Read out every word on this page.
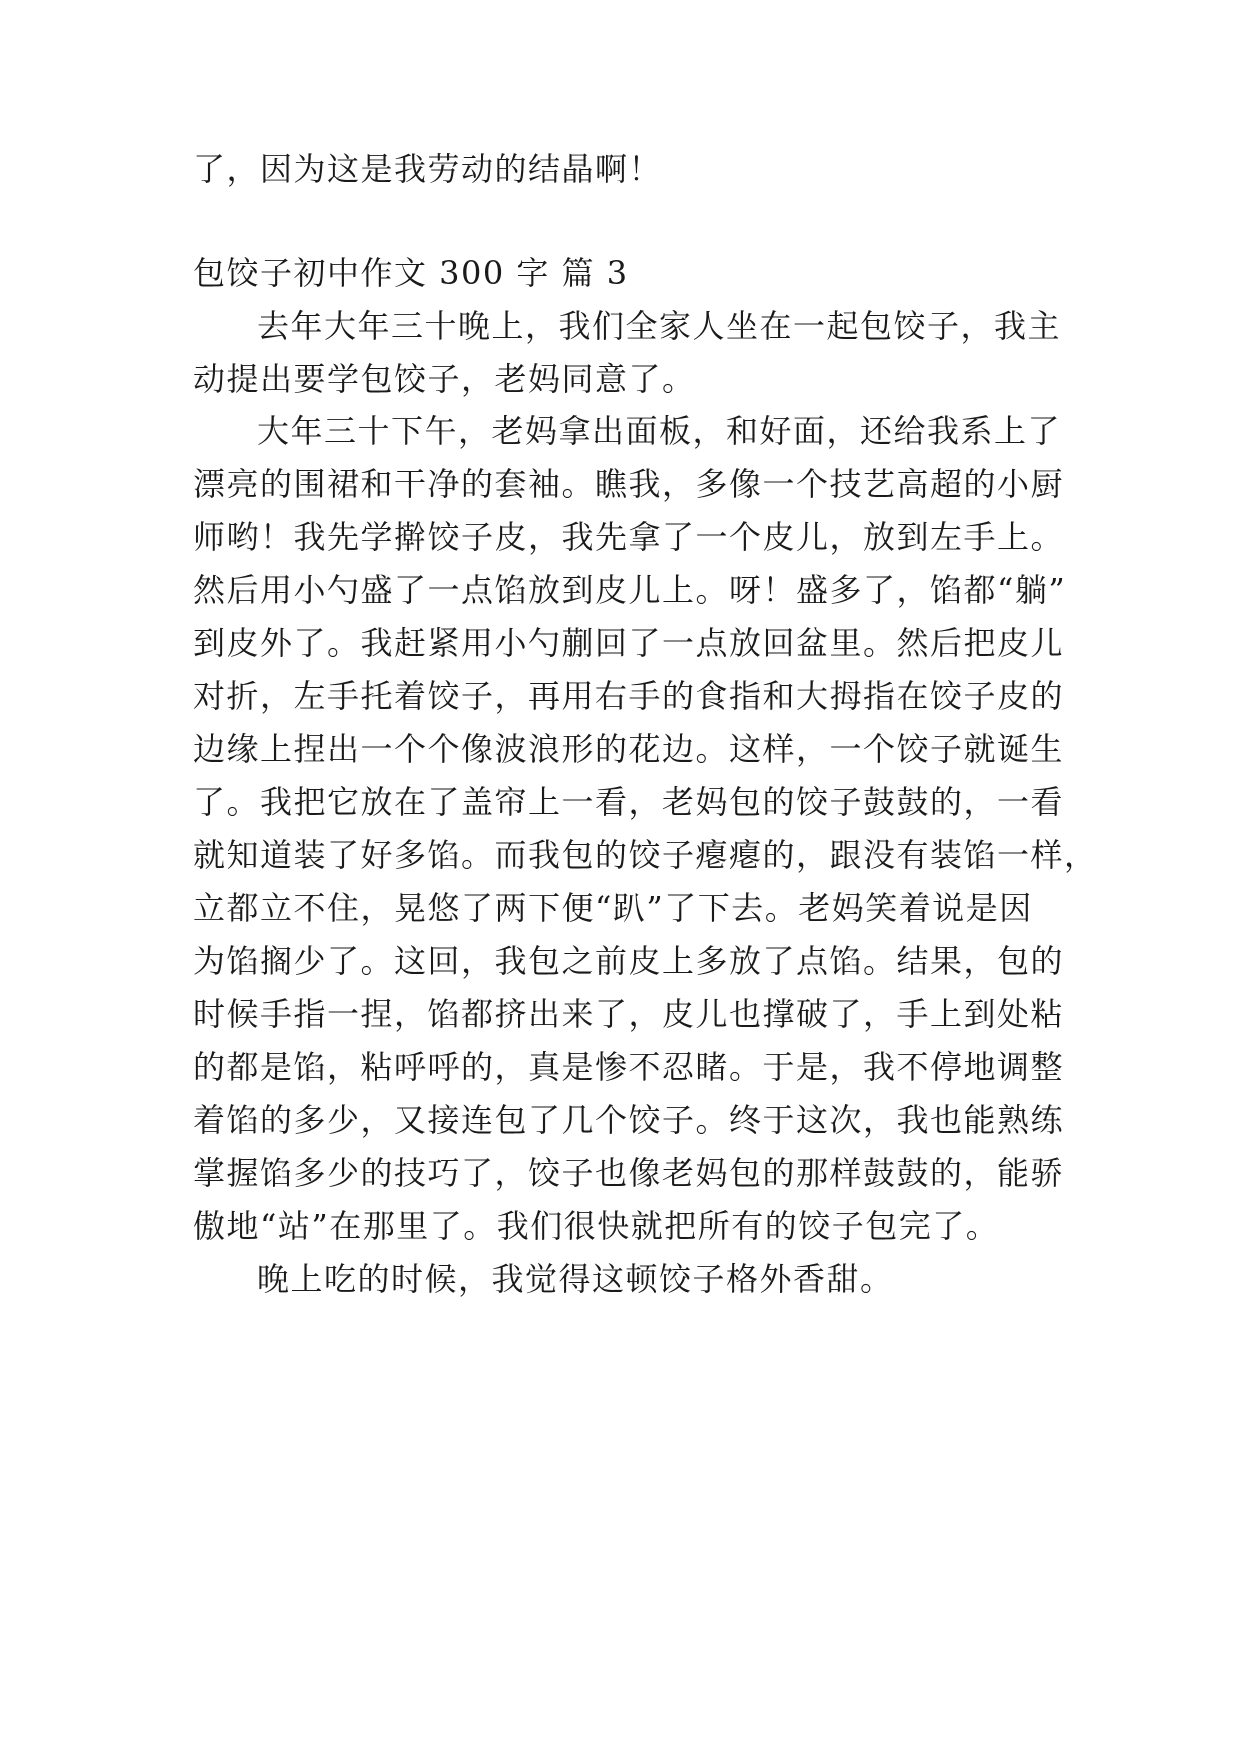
了，因为这是我劳动的结晶啊！
包饺子初中作文 300 字 篇 3
去年大年三十晚上，我们全家人坐在一起包饺子，我主
动提出要学包饺子，老妈同意了。
大年三十下午，老妈拿出面板，和好面，还给我系上了
漂亮的围裙和干净的套袖。瞧我，多像一个技艺高超的小厨
师哟！我先学擀饺子皮，我先拿了一个皮儿，放到左手上。
然后用小勺盛了一点馅放到皮儿上。呀！盛多了，馅都“躺”
到皮外了。我赶紧用小勺蒯回了一点放回盆里。然后把皮儿
对折，左手托着饺子，再用右手的食指和大拇指在饺子皮的
边缘上捏出一个个像波浪形的花边。这样，一个饺子就诞生
了。我把它放在了盖帘上一看，老妈包的饺子鼓鼓的，一看
就知道装了好多馅。而我包的饺子瘪瘪的，跟没有装馅一样，
立都立不住，晃悠了两下便“趴”了下去。老妈笑着说是因
为馅搁少了。这回，我包之前皮上多放了点馅。结果，包的
时候手指一捏，馅都挤出来了，皮儿也撑破了，手上到处粘
的都是馅，粘呼呼的，真是惨不忍睹。于是，我不停地调整
着馅的多少，又接连包了几个饺子。终于这次，我也能熟练
掌握馅多少的技巧了，饺子也像老妈包的那样鼓鼓的，能骄
傲地“站”在那里了。我们很快就把所有的饺子包完了。
晚上吃的时候，我觉得这顿饺子格外香甜。
